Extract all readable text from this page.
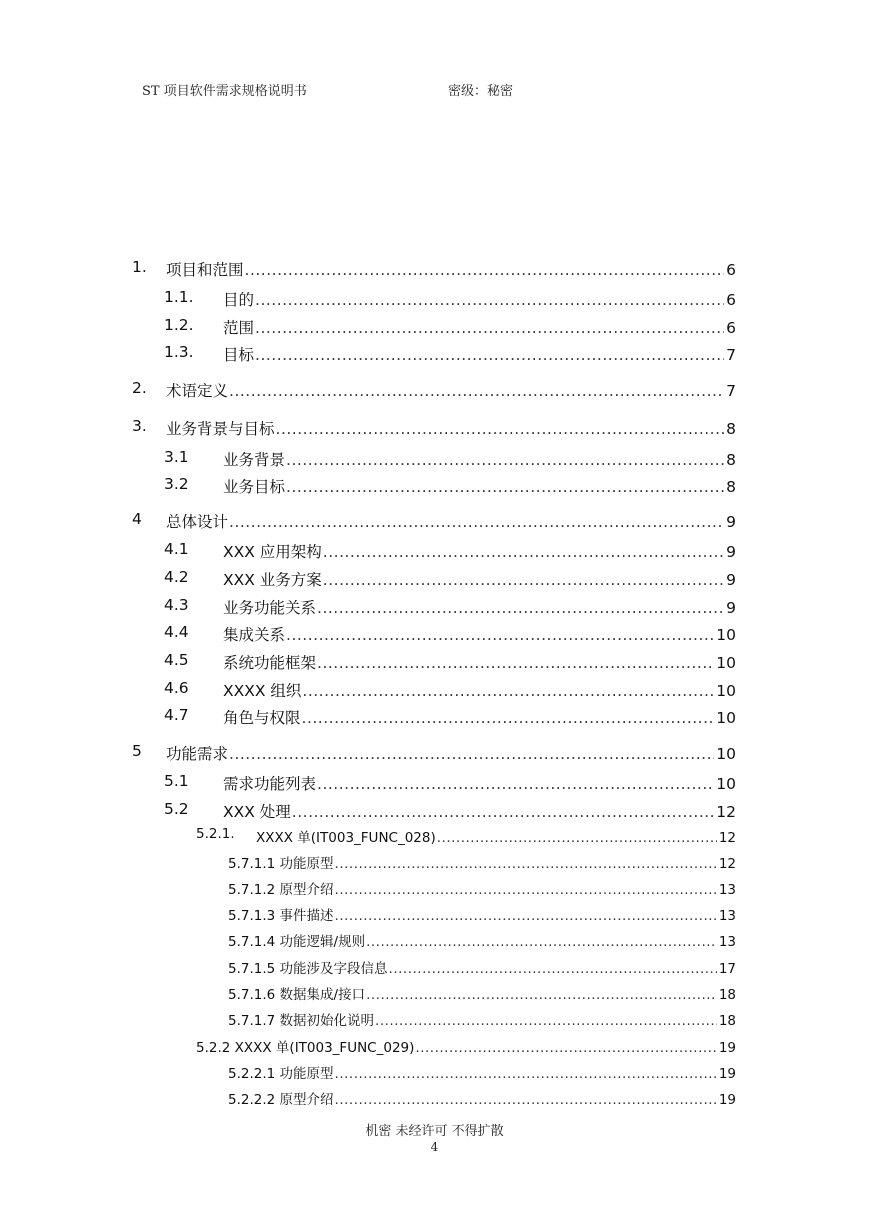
ST 项目软件需求规格说明书	密级：秘密
1. 项目和范围 .....	6
1.1. 目的 .....	6
1.2. 范围 .....	6
1.3. 目标 .....	7
2. 术语定义 .....	7
3. 业务背景与目标 .....	8
3.1 业务背景 .....	8
3.2 业务目标 .....	8
4 总体设计 .....	9
4.1 XXX 应用架构 .....	9
4.2 XXX 业务方案 .....	9
4.3 业务功能关系 .....	9
4.4 集成关系 .....	10
4.5 系统功能框架 .....	10
4.6 XXXX 组织 .....	10
4.7 角色与权限 .....	10
5 功能需求 .....	10
5.1 需求功能列表 .....	10
5.2 XXX 处理 .....	12
5.2.1. XXXX 单(IT003_FUNC_028) .....	12
5.7.1.1 功能原型 .....	12
5.7.1.2 原型介绍 .....	13
5.7.1.3 事件描述 .....	13
5.7.1.4 功能逻辑/规则 .....	13
5.7.1.5 功能涉及字段信息 .....	17
5.7.1.6 数据集成/接口 .....	18
5.7.1.7 数据初始化说明 .....	18
5.2.2 XXXX 单(IT003_FUNC_029) .....	19
5.2.2.1 功能原型 .....	19
5.2.2.2 原型介绍 .....	19
机密 未经许可 不得扩散
4
